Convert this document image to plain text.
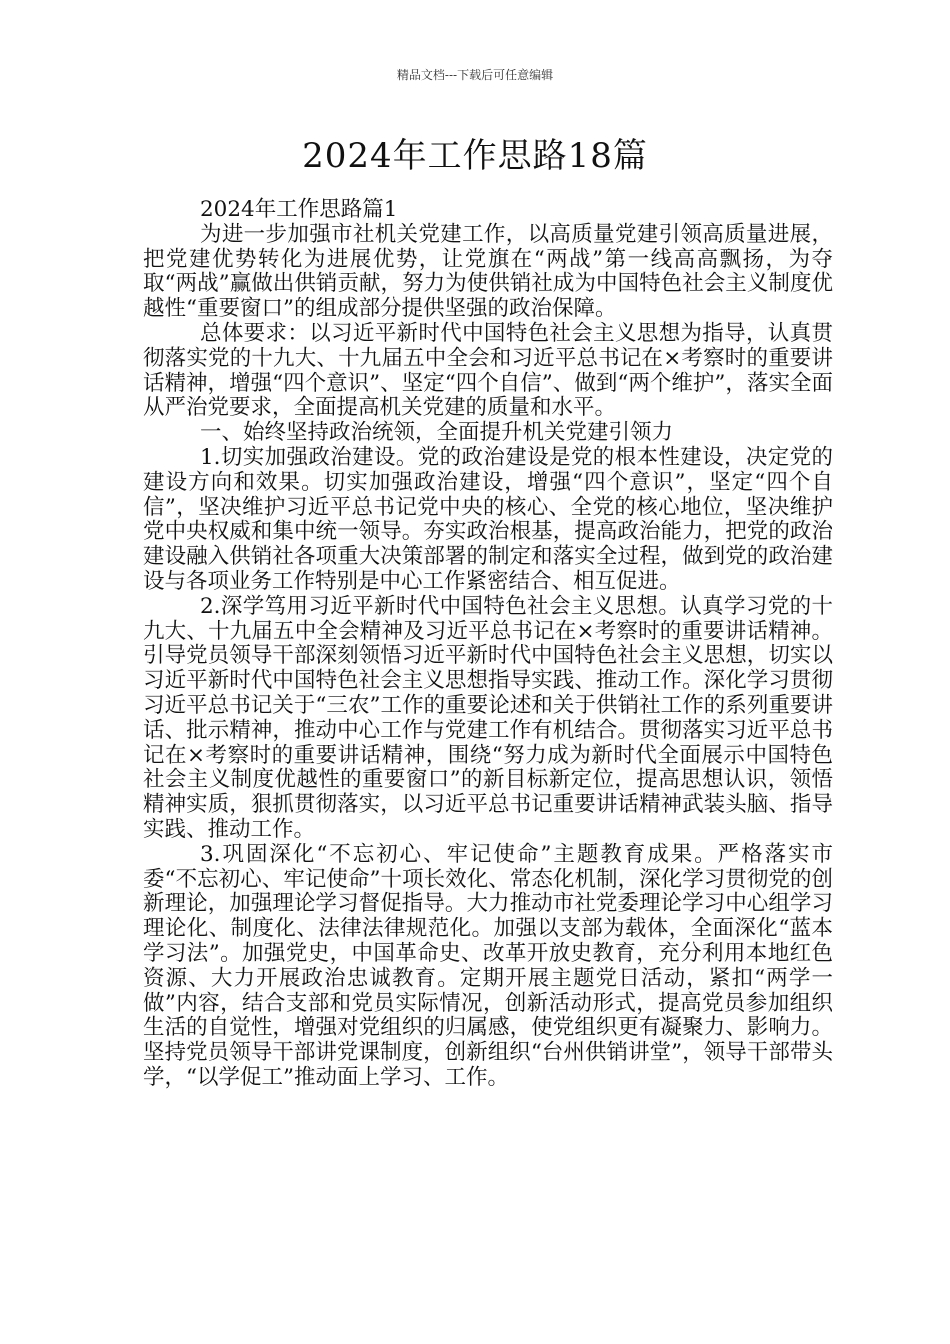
精品文档---下载后可任意编辑
2024年工作思路18篇

2024年工作思路篇1

为进一步加强市社机关党建工作，以高质量党建引领高质量进展，把党建优势转化为进展优势，让党旗在“两战”第一线高高飘扬，为夺取“两战”赢做出供销贡献，努力为使供销社成为中国特色社会主义制度优越性“重要窗口”的组成部分提供坚强的政治保障。

总体要求：以习近平新时代中国特色社会主义思想为指导，认真贯彻落实党的十九大、十九届五中全会和习近平总书记在×考察时的重要讲话精神，增强“四个意识”、坚定“四个自信”、做到“两个维护”，落实全面从严治党要求，全面提高机关党建的质量和水平。

一、始终坚持政治统领，全面提升机关党建引领力

1.切实加强政治建设。党的政治建设是党的根本性建设，决定党的建设方向和效果。切实加强政治建设，增强“四个意识”，坚定“四个自信”，坚决维护习近平总书记党中央的核心、全党的核心地位，坚决维护党中央权威和集中统一领导。夯实政治根基，提高政治能力，把党的政治建设融入供销社各项重大决策部署的制定和落实全过程，做到党的政治建设与各项业务工作特别是中心工作紧密结合、相互促进。

2.深学笃用习近平新时代中国特色社会主义思想。认真学习党的十九大、十九届五中全会精神及习近平总书记在×考察时的重要讲话精神。引导党员领导干部深刻领悟习近平新时代中国特色社会主义思想，切实以习近平新时代中国特色社会主义思想指导实践、推动工作。深化学习贯彻习近平总书记关于“三农”工作的重要论述和关于供销社工作的系列重要讲话、批示精神，推动中心工作与党建工作有机结合。贯彻落实习近平总书记在×考察时的重要讲话精神，围绕“努力成为新时代全面展示中国特色社会主义制度优越性的重要窗口”的新目标新定位，提高思想认识，领悟精神实质，狠抓贯彻落实，以习近平总书记重要讲话精神武装头脑、指导实践、推动工作。

3.巩固深化“不忘初心、牢记使命”主题教育成果。严格落实市委“不忘初心、牢记使命”十项长效化、常态化机制，深化学习贯彻党的创新理论，加强理论学习督促指导。大力推动市社党委理论学习中心组学习理论化、制度化、法律法律规范化。加强以支部为载体，全面深化“蓝本学习法”。加强党史，中国革命史、改革开放史教育，充分利用本地红色资源、大力开展政治忠诚教育。定期开展主题党日活动，紧扣“两学一做”内容，结合支部和党员实际情况，创新活动形式，提高党员参加组织生活的自觉性，增强对党组织的归属感，使党组织更有凝聚力、影响力。坚持党员领导干部讲党课制度，创新组织“台州供销讲堂”，领导干部带头学，“以学促工”推动面上学习、工作。
